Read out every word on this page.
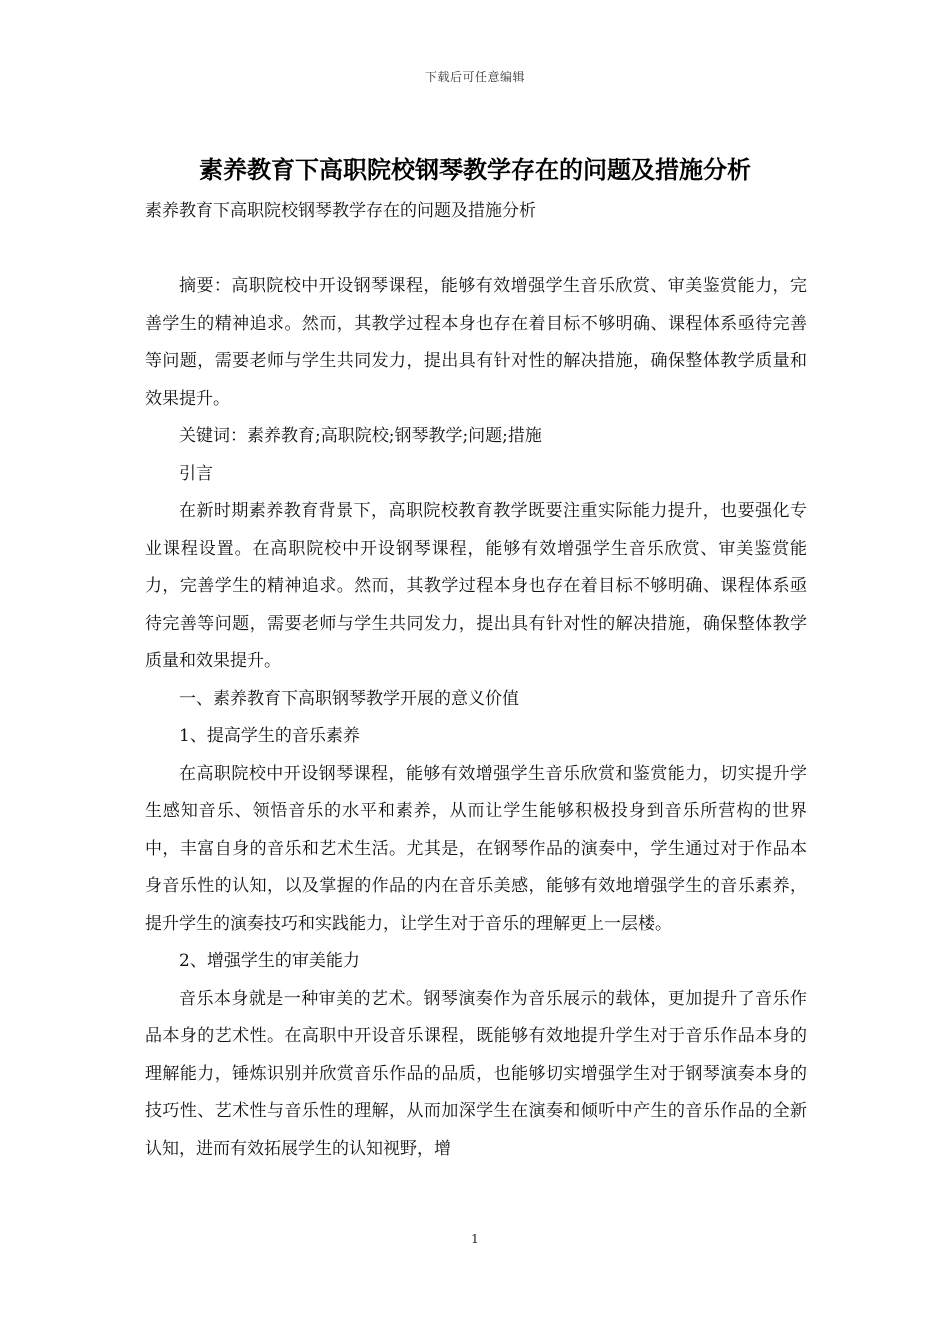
下载后可任意编辑
素养教育下高职院校钢琴教学存在的问题及措施分析
素养教育下高职院校钢琴教学存在的问题及措施分析

摘要：高职院校中开设钢琴课程，能够有效增强学生音乐欣赏、审美鉴赏能力，完善学生的精神追求。然而，其教学过程本身也存在着目标不够明确、课程体系亟待完善等问题，需要老师与学生共同发力，提出具有针对性的解决措施，确保整体教学质量和效果提升。

关键词：素养教育;高职院校;钢琴教学;问题;措施

引言

在新时期素养教育背景下，高职院校教育教学既要注重实际能力提升，也要强化专业课程设置。在高职院校中开设钢琴课程，能够有效增强学生音乐欣赏、审美鉴赏能力，完善学生的精神追求。然而，其教学过程本身也存在着目标不够明确、课程体系亟待完善等问题，需要老师与学生共同发力，提出具有针对性的解决措施，确保整体教学质量和效果提升。

一、素养教育下高职钢琴教学开展的意义价值

1、提高学生的音乐素养

在高职院校中开设钢琴课程，能够有效增强学生音乐欣赏和鉴赏能力，切实提升学生感知音乐、领悟音乐的水平和素养，从而让学生能够积极投身到音乐所营构的世界中，丰富自身的音乐和艺术生活。尤其是，在钢琴作品的演奏中，学生通过对于作品本身音乐性的认知，以及掌握的作品的内在音乐美感，能够有效地增强学生的音乐素养，提升学生的演奏技巧和实践能力，让学生对于音乐的理解更上一层楼。

2、增强学生的审美能力

音乐本身就是一种审美的艺术。钢琴演奏作为音乐展示的载体，更加提升了音乐作品本身的艺术性。在高职中开设音乐课程，既能够有效地提升学生对于音乐作品本身的理解能力，锤炼识别并欣赏音乐作品的品质，也能够切实增强学生对于钢琴演奏本身的技巧性、艺术性与音乐性的理解，从而加深学生在演奏和倾听中产生的音乐作品的全新认知，进而有效拓展学生的认知视野，增

1
